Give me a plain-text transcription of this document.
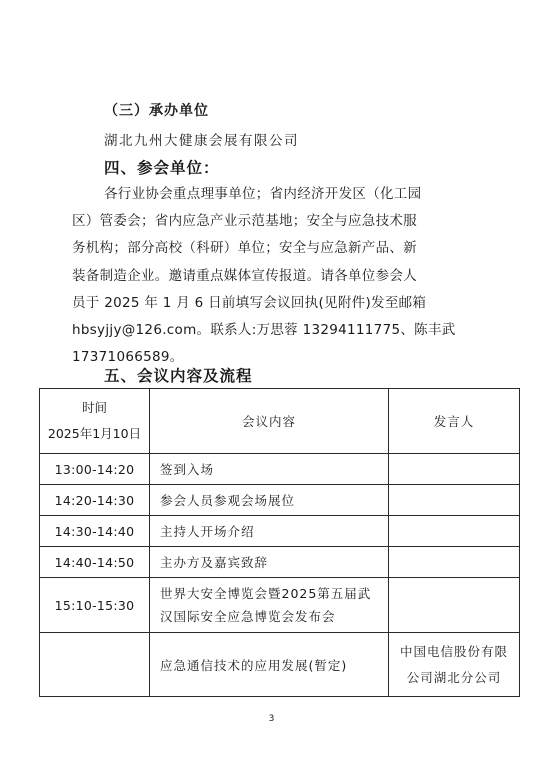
（三）承办单位
湖北九州大健康会展有限公司
四、参会单位：
各行业协会重点理事单位；省内经济开发区（化工园
区）管委会；省内应急产业示范基地；安全与应急技术服
务机构；部分高校（科研）单位；安全与应急新产品、新
装备制造企业。邀请重点媒体宣传报道。请各单位参会人
员于 2025 年 1 月 6 日前填写会议回执(见附件)发至邮箱
hbsyjjy@126.com。联系人:万思蓉 13294111775、陈丰武
17371066589。
五、会议内容及流程
时间
2025年1月10日	会议内容	发言人
13:00-14:20	签到入场	
14:20-14:30	参会人员参观会场展位	
14:30-14:40	主持人开场介绍	
14:40-14:50	主办方及嘉宾致辞	
15:10-15:30	世界大安全博览会暨2025第五届武
汉国际安全应急博览会发布会	

	应急通信技术的应用发展(暂定)	中国电信股份有限
公司湖北分公司
3
